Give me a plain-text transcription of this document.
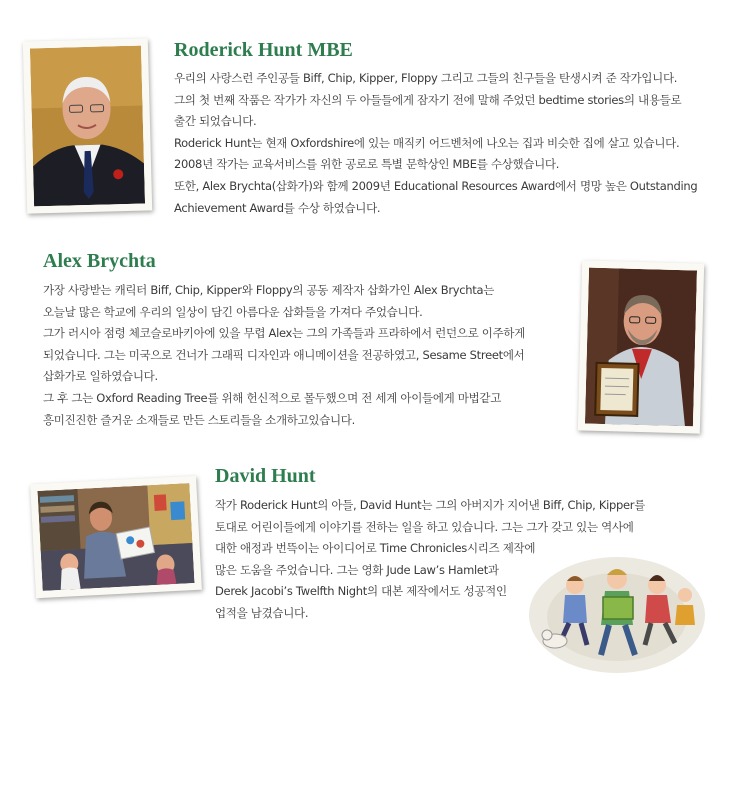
Roderick Hunt MBE
우리의 사랑스런 주인공들 Biff, Chip, Kipper, Floppy 그리고 그들의 친구들을 탄생시켜 준 작가입니다.
그의 첫 번째 작품은 작가가 자신의 두 아들들에게 잠자기 전에 말해 주었던 bedtime stories의 내용들로
출간 되었습니다.
Roderick Hunt는 현재 Oxfordshire에 있는 매직키 어드벤처에 나오는 집과 비슷한 집에 살고 있습니다.
2008년 작가는 교육서비스를 위한 공로로 특별 문학상인 MBE를 수상했습니다.
또한, Alex Brychta(삽화가)와 함께 2009년 Educational Resources Award에서 명망 높은 Outstanding
Achievement Award를 수상 하였습니다.
Alex Brychta
가장 사랑받는 캐릭터 Biff, Chip, Kipper와 Floppy의 공동 제작자 삽화가인 Alex Brychta는
오늘날 많은 학교에 우리의 일상이 담긴 아름다운 삽화들을 가져다 주었습니다.
그가 러시아 점령 체코슬로바키아에 있을 무렵 Alex는 그의 가족들과 프라하에서 런던으로 이주하게
되었습니다. 그는 미국으로 건너가 그래픽 디자인과 애니메이션을 전공하였고, Sesame Street에서
삽화가로 일하였습니다.
그 후 그는 Oxford Reading Tree를 위해 헌신적으로 몰두했으며 전 세계 아이들에게 마법같고
흥미진진한 즐거운 소재들로 만든 스토리들을 소개하고있습니다.
David Hunt
작가 Roderick Hunt의 아들, David Hunt는 그의 아버지가 지어낸 Biff, Chip, Kipper를
토대로 어린이들에게 이야기를 전하는 일을 하고 있습니다. 그는 그가 갖고 있는 역사에
대한 애정과 번뜩이는 아이디어로 Time Chronicles시리즈 제작에
많은 도움을 주었습니다. 그는 영화 Jude Law’s Hamlet과
Derek Jacobi’s Twelfth Night의 대본 제작에서도 성공적인
업적을 남겼습니다.
